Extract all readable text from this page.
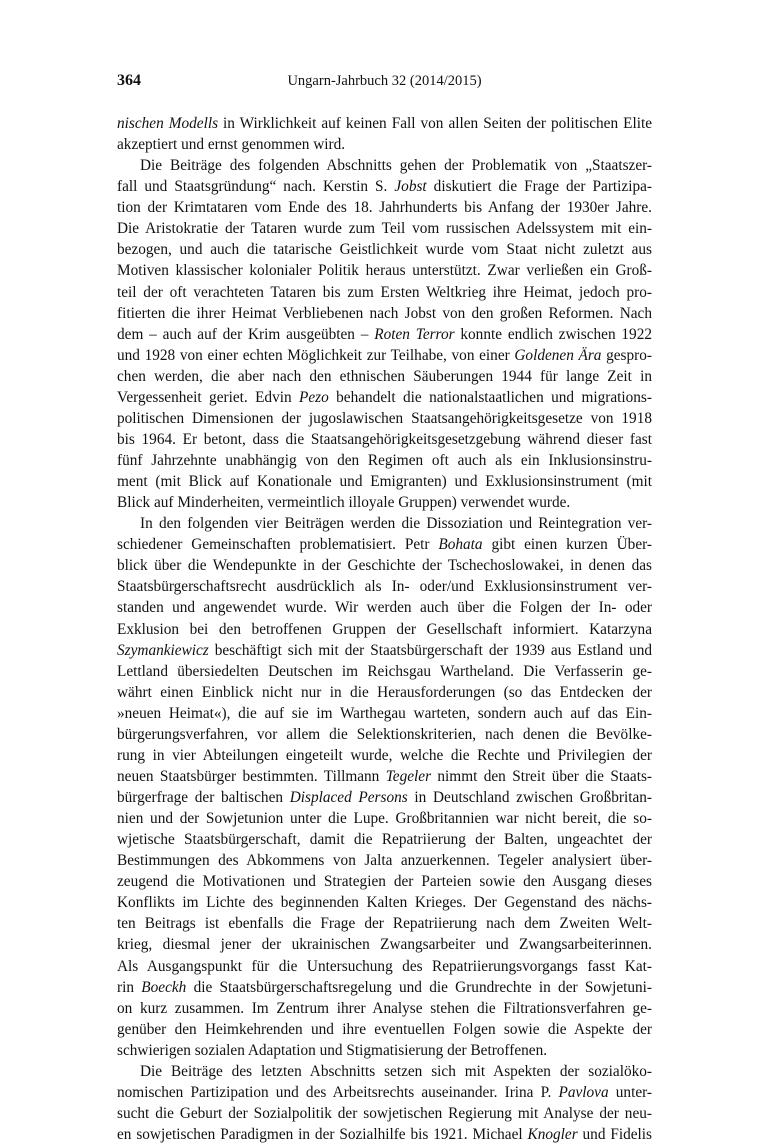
364	Ungarn-Jahrbuch 32 (2014/2015)
nischen Modells in Wirklichkeit auf keinen Fall von allen Seiten der politischen Elite
akzeptiert und ernst genommen wird.
Die Beiträge des folgenden Abschnitts gehen der Problematik von „Staatszer-
fall und Staatsgründung“ nach. Kerstin S. Jobst diskutiert die Frage der Partizipa-
tion der Krimtataren vom Ende des 18. Jahrhunderts bis Anfang der 1930er Jahre.
Die Aristokratie der Tataren wurde zum Teil vom russischen Adelssystem mit ein-
bezogen, und auch die tatarische Geistlichkeit wurde vom Staat nicht zuletzt aus
Motiven klassischer kolonialer Politik heraus unterstützt. Zwar verließen ein Groß-
teil der oft verachteten Tataren bis zum Ersten Weltkrieg ihre Heimat, jedoch pro-
fitierten die ihrer Heimat Verbliebenen nach Jobst von den großen Reformen. Nach
dem – auch auf der Krim ausgeübten – Roten Terror konnte endlich zwischen 1922
und 1928 von einer echten Möglichkeit zur Teilhabe, von einer Goldenen Ära gespro-
chen werden, die aber nach den ethnischen Säuberungen 1944 für lange Zeit in
Vergessenheit geriet. Edvin Pezo behandelt die nationalstaatlichen und migrations-
politischen Dimensionen der jugoslawischen Staatsangehörigkeitsgesetze von 1918
bis 1964. Er betont, dass die Staatsangehörigkeitsgesetzgebung während dieser fast
fünf Jahrzehnte unabhängig von den Regimen oft auch als ein Inklusionsinstru-
ment (mit Blick auf Konationale und Emigranten) und Exklusionsinstrument (mit
Blick auf Minderheiten, vermeintlich illoyale Gruppen) verwendet wurde.
In den folgenden vier Beiträgen werden die Dissoziation und Reintegration ver-
schiedener Gemeinschaften problematisiert. Petr Bohata gibt einen kurzen Über-
blick über die Wendepunkte in der Geschichte der Tschechoslowakei, in denen das
Staatsbürgerschaftsrecht ausdrücklich als In- oder/und Exklusionsinstrument ver-
standen und angewendet wurde. Wir werden auch über die Folgen der In- oder
Exklusion bei den betroffenen Gruppen der Gesellschaft informiert. Katarzyna
Szymankiewicz beschäftigt sich mit der Staatsbürgerschaft der 1939 aus Estland und
Lettland übersiedelten Deutschen im Reichsgau Wartheland. Die Verfasserin ge-
währt einen Einblick nicht nur in die Herausforderungen (so das Entdecken der
»neuen Heimat«), die auf sie im Warthegau warteten, sondern auch auf das Ein-
bürgerungsverfahren, vor allem die Selektionskriterien, nach denen die Bevölke-
rung in vier Abteilungen eingeteilt wurde, welche die Rechte und Privilegien der
neuen Staatsbürger bestimmten. Tillmann Tegeler nimmt den Streit über die Staats-
bürgerfrage der baltischen Displaced Persons in Deutschland zwischen Großbritan-
nien und der Sowjetunion unter die Lupe. Großbritannien war nicht bereit, die so-
wjetische Staatsbürgerschaft, damit die Repatriierung der Balten, ungeachtet der
Bestimmungen des Abkommens von Jalta anzuerkennen. Tegeler analysiert über-
zeugend die Motivationen und Strategien der Parteien sowie den Ausgang dieses
Konflikts im Lichte des beginnenden Kalten Krieges. Der Gegenstand des nächs-
ten Beitrags ist ebenfalls die Frage der Repatriierung nach dem Zweiten Welt-
krieg, diesmal jener der ukrainischen Zwangsarbeiter und Zwangsarbeiterinnen.
Als Ausgangspunkt für die Untersuchung des Repatriierungsvorgangs fasst Kat-
rin Boeckh die Staatsbürgerschaftsregelung und die Grundrechte in der Sowjetuni-
on kurz zusammen. Im Zentrum ihrer Analyse stehen die Filtrationsverfahren ge-
genüber den Heimkehrenden und ihre eventuellen Folgen sowie die Aspekte der
schwierigen sozialen Adaptation und Stigmatisierung der Betroffenen.
Die Beiträge des letzten Abschnitts setzen sich mit Aspekten der sozialöko-
nomischen Partizipation und des Arbeitsrechts auseinander. Irina P. Pavlova unter-
sucht die Geburt der Sozialpolitik der sowjetischen Regierung mit Analyse der neu-
en sowjetischen Paradigmen in der Sozialhilfe bis 1921. Michael Knogler und Fidelis
